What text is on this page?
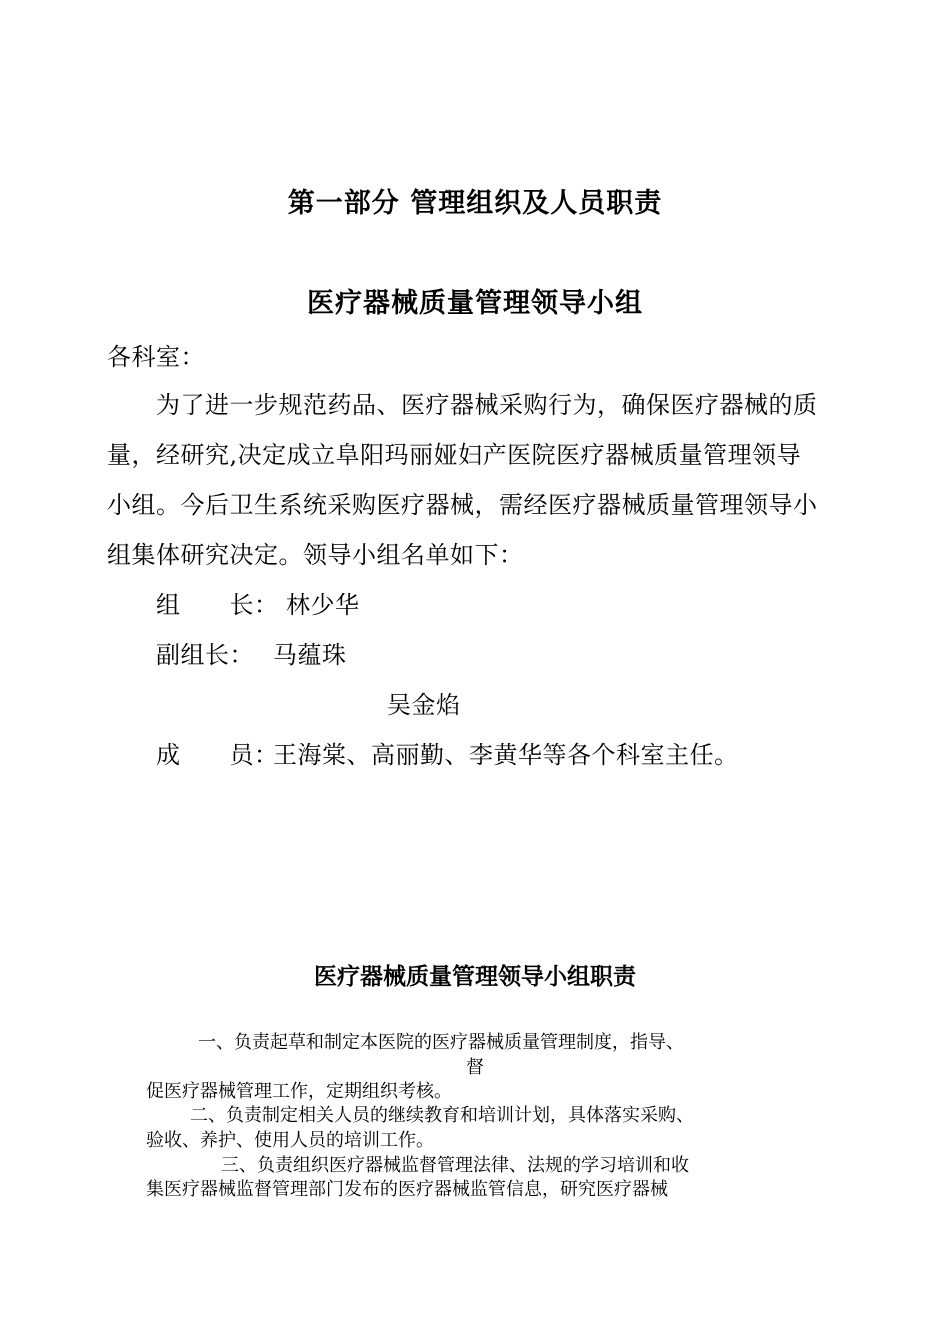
第一部分 管理组织及人员职责
医疗器械质量管理领导小组

各科室：

为了进一步规范药品、医疗器械采购行为，确保医疗器械的质

量，经研究,决定成立阜阳玛丽娅妇产医院医疗器械质量管理领导

小组。今后卫生系统采购医疗器械，需经医疗器械质量管理领导小

组集体研究决定。领导小组名单如下：

组　　长： 林少华

副组长： 马蕴珠

吴金焰

成　　员：

王海棠、高丽勤、李黄华等各个科室主任。

医疗器械质量管理领导小组职责

一、负责起草和制定本医院的医疗器械质量管理制度，指导、

督

促医疗器械管理工作，定期组织考核。

二、负责制定相关人员的继续教育和培训计划，具体落实采购、

验收、养护、使用人员的培训工作。

三、负责组织医疗器械监督管理法律、法规的学习培训和收

集医疗器械监督管理部门发布的医疗器械监管信息，研究医疗器械
